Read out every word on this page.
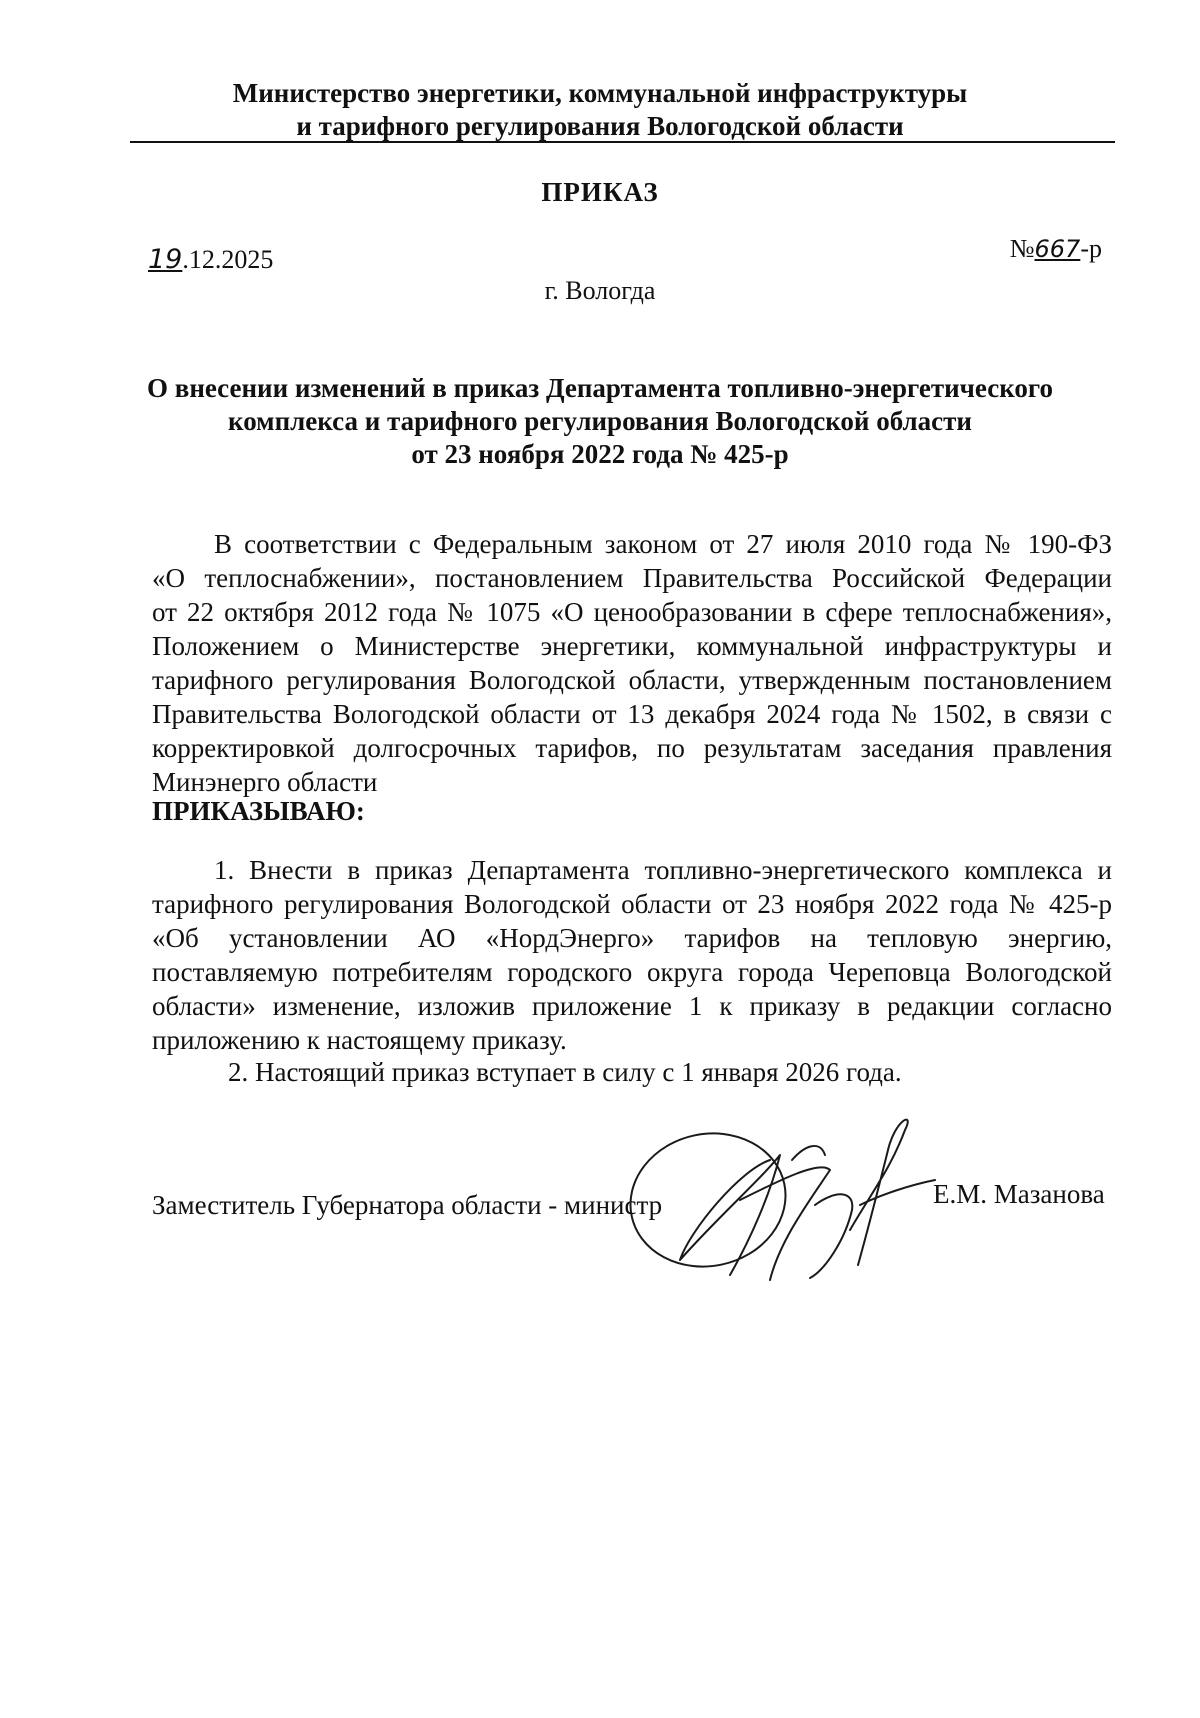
Министерство энергетики, коммунальной инфраструктуры
и тарифного регулирования Вологодской области
ПРИКАЗ
19.12.2025	№667-р
г. Вологда
О внесении изменений в приказ Департамента топливно-энергетического
комплекса и тарифного регулирования Вологодской области
от 23 ноября 2022 года № 425-р
В соответствии с Федеральным законом от 27 июля 2010 года № 190-ФЗ
«О теплоснабжении», постановлением Правительства Российской Федерации
от 22 октября 2012 года № 1075 «О ценообразовании в сфере теплоснабжения»,
Положением о Министерстве энергетики, коммунальной инфраструктуры и
тарифного регулирования Вологодской области, утвержденным постановлением
Правительства Вологодской области от 13 декабря 2024 года № 1502, в связи с
корректировкой долгосрочных тарифов, по результатам заседания правления
Минэнерго области
ПРИКАЗЫВАЮ:
1. Внести в приказ Департамента топливно-энергетического комплекса и
тарифного регулирования Вологодской области от 23 ноября 2022 года № 425-р
«Об установлении АО «НордЭнерго» тарифов на тепловую энергию,
поставляемую потребителям городского округа города Череповца Вологодской
области» изменение, изложив приложение 1 к приказу в редакции согласно
приложению к настоящему приказу.
2. Настоящий приказ вступает в силу с 1 января 2026 года.
Заместитель Губернатора области - министр	Е.М. Мазанова
